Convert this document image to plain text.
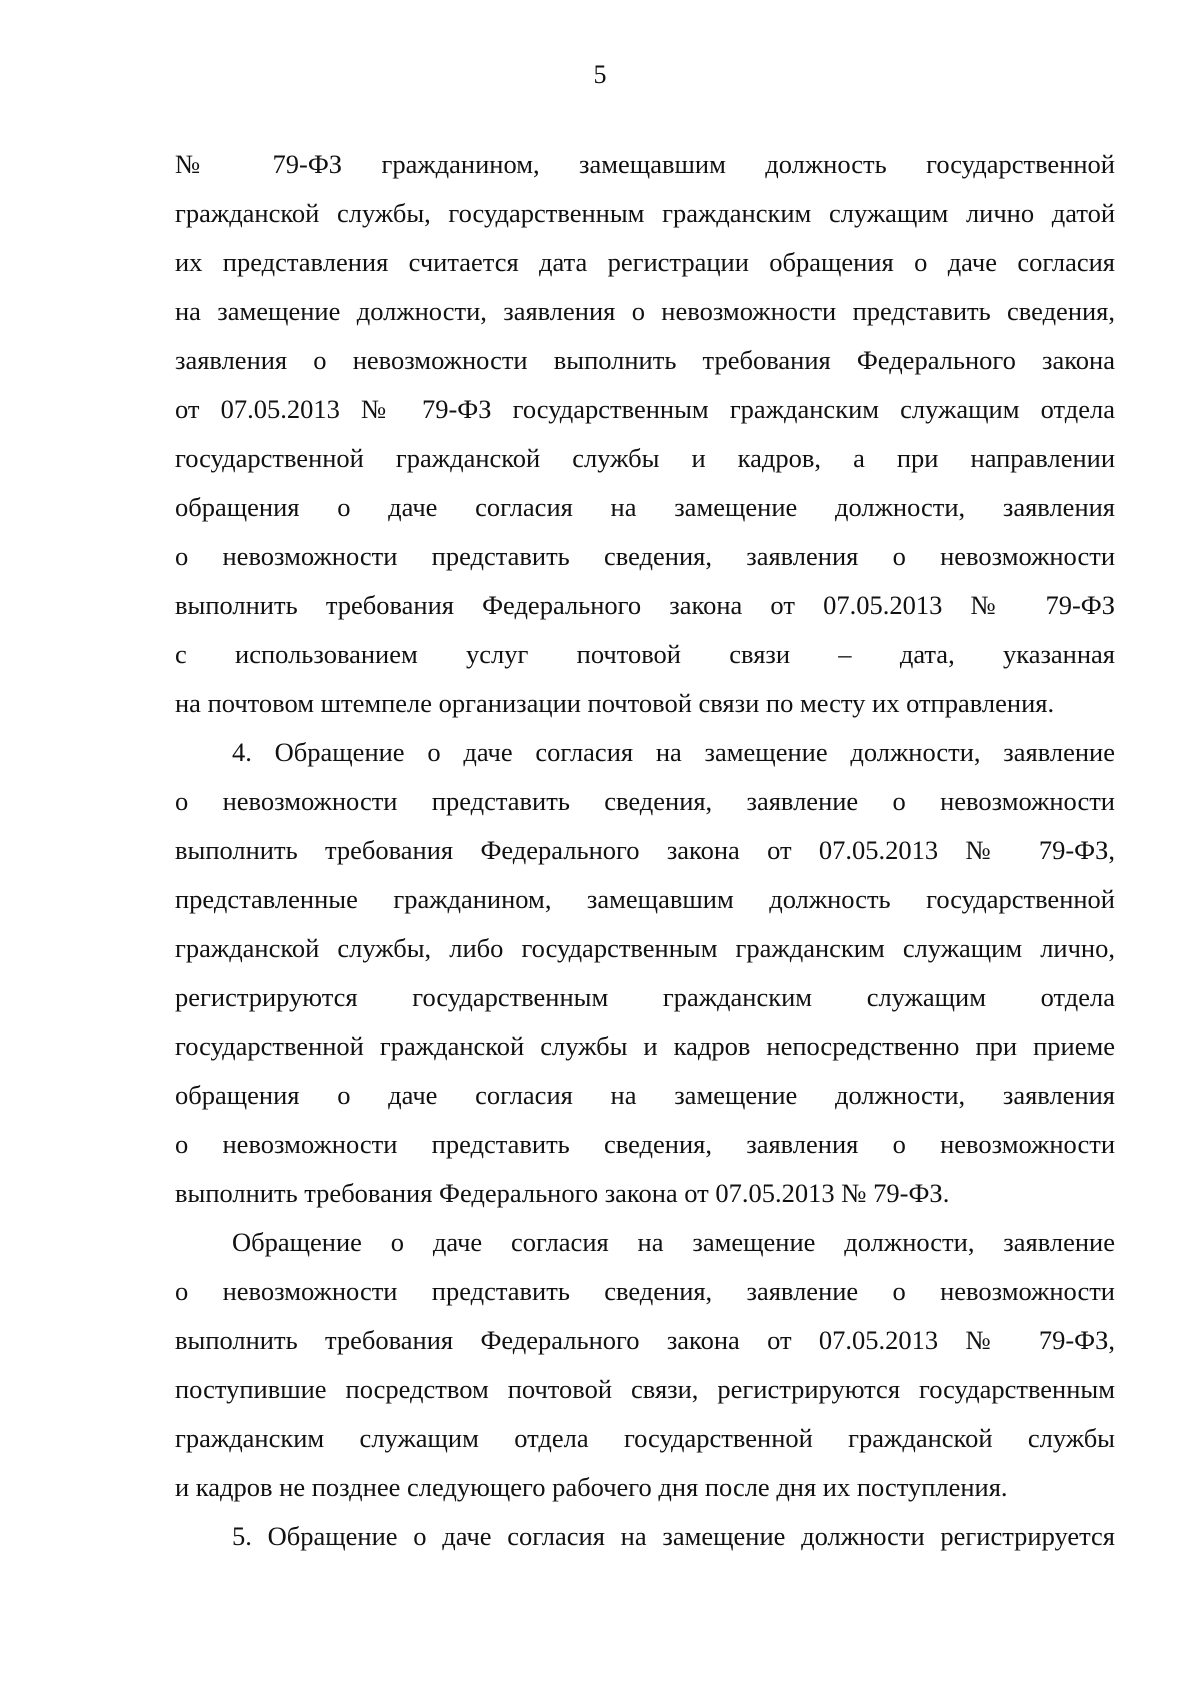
5
№ 79-ФЗ гражданином, замещавшим должность государственной
гражданской службы, государственным гражданским служащим лично датой
их представления считается дата регистрации обращения о даче согласия
на замещение должности, заявления о невозможности представить сведения,
заявления о невозможности выполнить требования Федерального закона
от 07.05.2013 № 79-ФЗ государственным гражданским служащим отдела
государственной гражданской службы и кадров, а при направлении
обращения о даче согласия на замещение должности, заявления
о невозможности представить сведения, заявления о невозможности
выполнить требования Федерального закона от 07.05.2013 № 79-ФЗ
с использованием услуг почтовой связи – дата, указанная
на почтовом штемпеле организации почтовой связи по месту их отправления.
4. Обращение о даче согласия на замещение должности, заявление
о невозможности представить сведения, заявление о невозможности
выполнить требования Федерального закона от 07.05.2013 № 79-ФЗ,
представленные гражданином, замещавшим должность государственной
гражданской службы, либо государственным гражданским служащим лично,
регистрируются государственным гражданским служащим отдела
государственной гражданской службы и кадров непосредственно при приеме
обращения о даче согласия на замещение должности, заявления
о невозможности представить сведения, заявления о невозможности
выполнить требования Федерального закона от 07.05.2013 № 79-ФЗ.
Обращение о даче согласия на замещение должности, заявление
о невозможности представить сведения, заявление о невозможности
выполнить требования Федерального закона от 07.05.2013 № 79-ФЗ,
поступившие посредством почтовой связи, регистрируются государственным
гражданским служащим отдела государственной гражданской службы
и кадров не позднее следующего рабочего дня после дня их поступления.
5. Обращение о даче согласия на замещение должности регистрируется
